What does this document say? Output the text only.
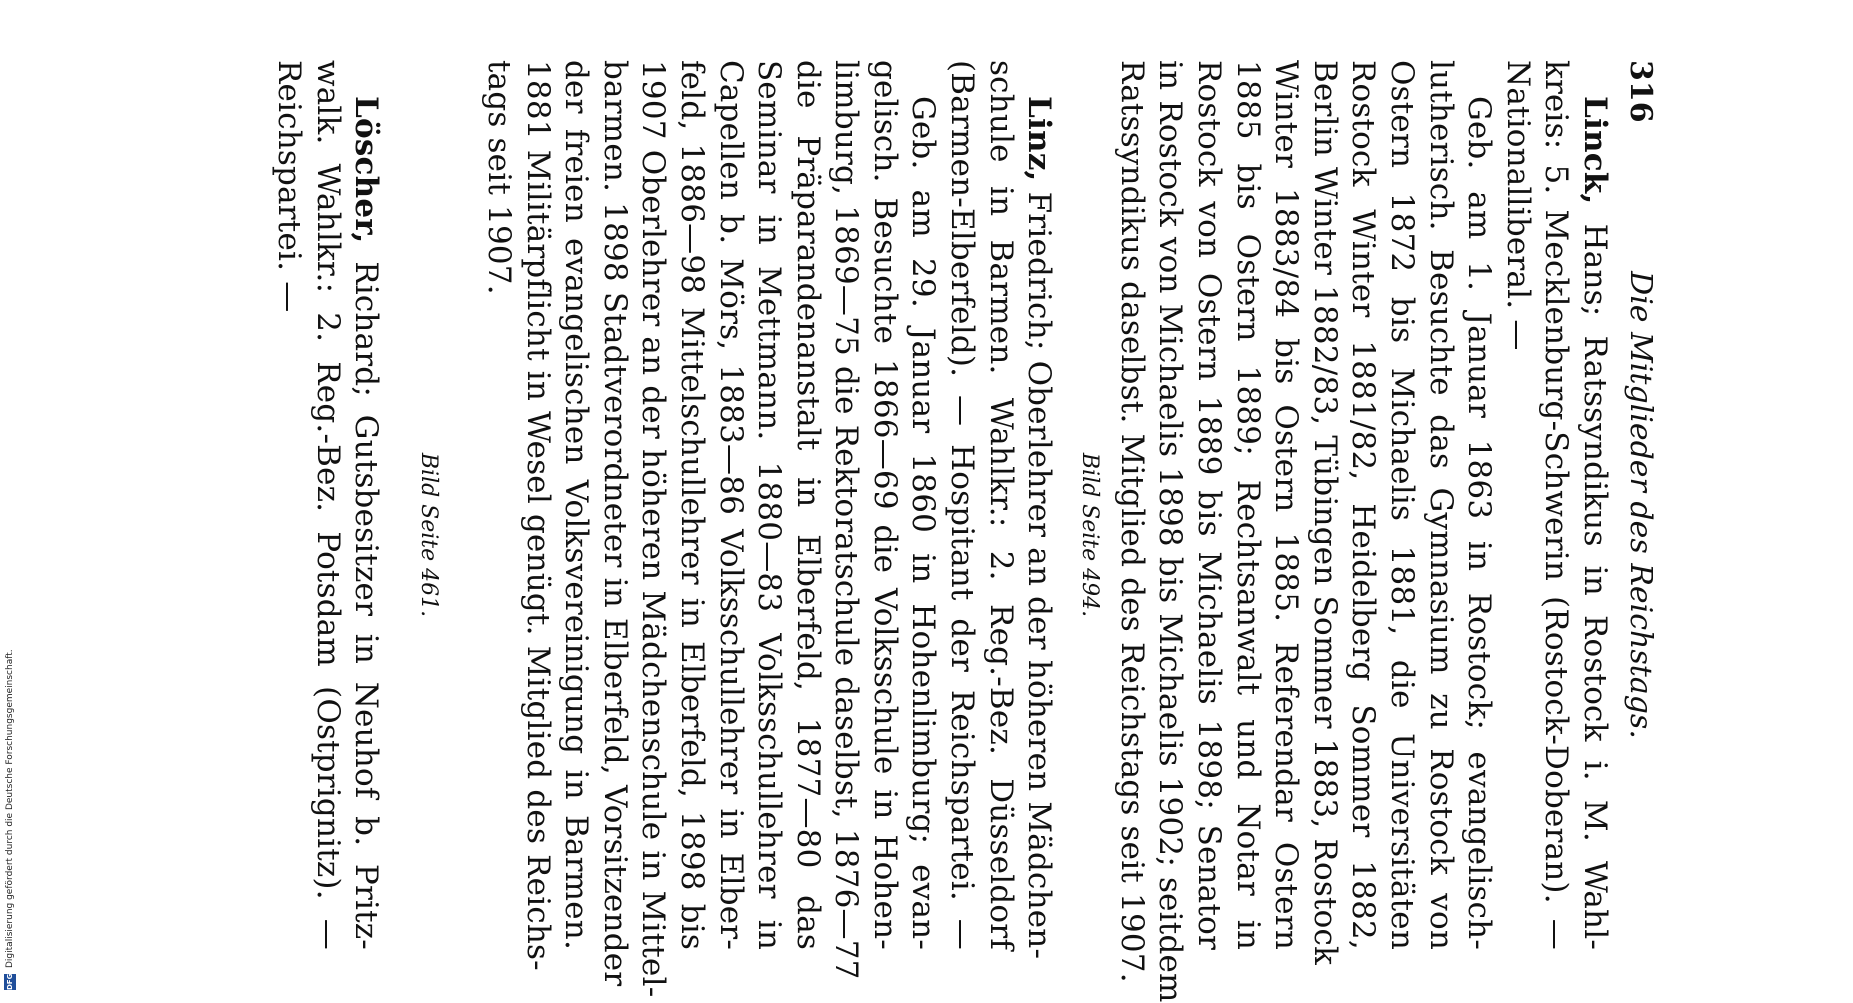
DFG
Digitalisierung gefördert durch die Deutsche Forschungsgemeinschaft.
316
Die Mitglieder des Reichstags.
Linck, Hans; Ratssyndikus in Rostock i. M. Wahl-
kreis: 5. Mecklenburg-Schwerin (Rostock-Doberan). —
Nationalliberal. —
Geb. am 1. Januar 1863 in Rostock; evangelisch-
lutherisch. Besuchte das Gymnasium zu Rostock von
Ostern 1872 bis Michaelis 1881, die Universitäten
Rostock Winter 1881/82, Heidelberg Sommer 1882,
Berlin Winter 1882/83, Tübingen Sommer 1883, Rostock
Winter 1883/84 bis Ostern 1885. Referendar Ostern
1885 bis Ostern 1889; Rechtsanwalt und Notar in
Rostock von Ostern 1889 bis Michaelis 1898; Senator
in Rostock von Michaelis 1898 bis Michaelis 1902; seitdem
Ratssyndikus daselbst. Mitglied des Reichstags seit 1907.
Bild Seite 494.
Linz, Friedrich; Oberlehrer an der höheren Mädchen-
schule in Barmen. Wahlkr.: 2. Reg.-Bez. Düsseldorf
(Barmen-Elberfeld). — Hospitant der Reichspartei. —
Geb. am 29. Januar 1860 in Hohenlimburg; evan-
gelisch. Besuchte 1866—69 die Volksschule in Hohen-
limburg, 1869—75 die Rektoratschule daselbst, 1876—77
die Präparandenanstalt in Elberfeld, 1877—80 das
Seminar in Mettmann. 1880—83 Volksschullehrer in
Capellen b. Mörs, 1883—86 Volksschullehrer in Elber-
feld, 1886—98 Mittelschullehrer in Elberfeld, 1898 bis
1907 Oberlehrer an der höheren Mädchenschule in Mittel-
barmen. 1898 Stadtverordneter in Elberfeld, Vorsitzender
der freien evangelischen Volksvereinigung in Barmen.
1881 Militärpflicht in Wesel genügt. Mitglied des Reichs-
tags seit 1907.
Bild Seite 461.
Löscher, Richard; Gutsbesitzer in Neuhof b. Pritz-
walk. Wahlkr.: 2. Reg.-Bez. Potsdam (Ostprignitz). —
Reichspartei. —
